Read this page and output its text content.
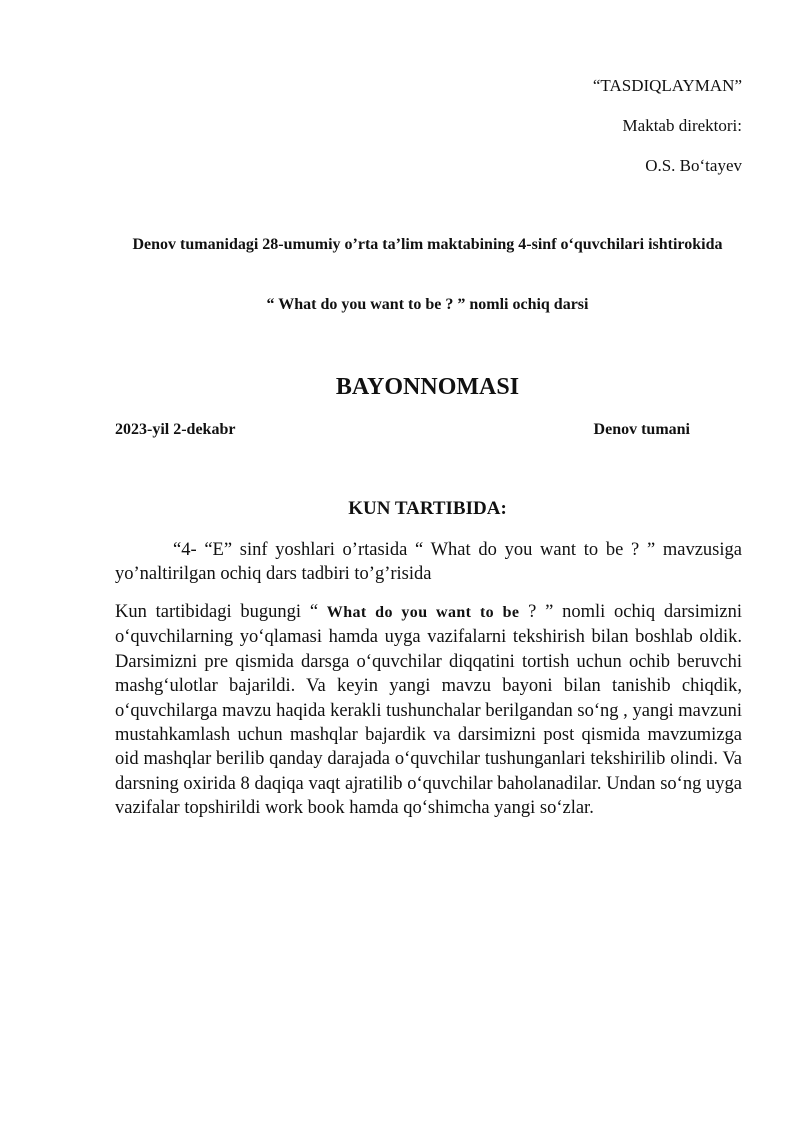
“TASDIQLAYMAN”
Maktab direktori:
O.S. Bo‘tayev
Denov tumanidagi 28-umumiy o’rta ta’lim maktabining 4-sinf o‘quvchilari ishtirokida
“ What do you want to be ? ” nomli ochiq darsi
BAYONNOMASI
2023-yil 2-dekabr	Denov tumani
KUN TARTIBIDA:

“4- “E” sinf yoshlari o’rtasida “ What do you want to be ? ” mavzusiga yo’naltirilgan ochiq dars tadbiri to’g’risida

Kun tartibidagi bugungi “ What do you want to be ? ” nomli ochiq darsimizni o‘quvchilarning yo‘qlamasi hamda uyga vazifalarni tekshirish bilan boshlab oldik. Darsimizni pre qismida darsga o‘quvchilar diqqatini tortish uchun ochib beruvchi mashg‘ulotlar bajarildi. Va keyin yangi mavzu bayoni bilan tanishib chiqdik, o‘quvchilarga mavzu haqida kerakli tushunchalar berilgandan so‘ng , yangi mavzuni mustahkamlash uchun mashqlar bajardik va darsimizni post qismida mavzumizga oid mashqlar berilib qanday darajada o‘quvchilar tushunganlari tekshirilib olindi. Va darsning oxirida 8 daqiqa vaqt ajratilib o‘quvchilar baholanadilar. Undan so‘ng uyga vazifalar topshirildi work book hamda qo‘shimcha yangi so‘zlar.
